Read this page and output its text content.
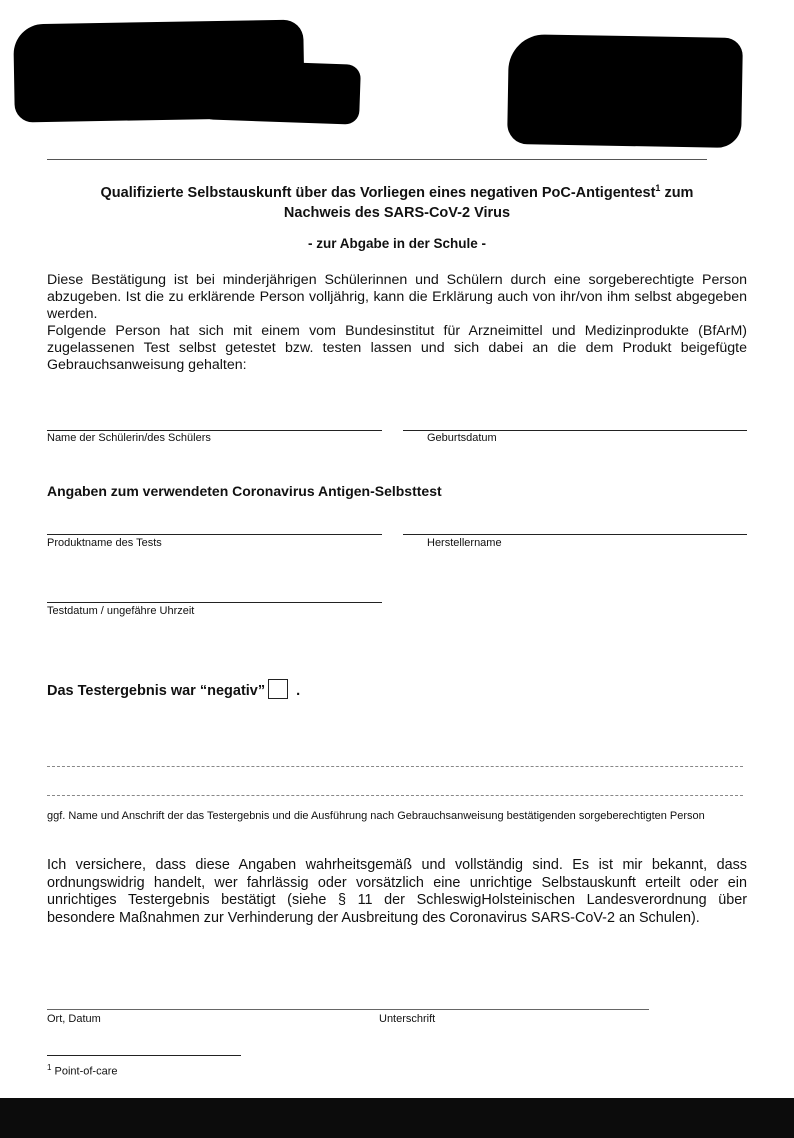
Qualifizierte Selbstauskunft über das Vorliegen eines negativen PoC-Antigentest$^1$ zum
Nachweis des SARS-CoV-2 Virus
- zur Abgabe in der Schule -
Diese Bestätigung ist bei minderjährigen Schülerinnen und Schülern durch eine sorgeberechtigte Person abzugeben. Ist die zu erklärende Person volljährig, kann die Erklärung auch von ihr/von ihm selbst abgegeben werden.
Folgende Person hat sich mit einem vom Bundesinstitut für Arzneimittel und Medizinprodukte (BfArM) zugelassenen Test selbst getestet bzw. testen lassen und sich dabei an die dem Produkt beigefügte Gebrauchsanweisung gehalten:
Name der Schülerin/des Schülers	Geburtsdatum
Angaben zum verwendeten Coronavirus Antigen-Selbsttest
Produktname des Tests	Herstellername
Testdatum / ungefähre Uhrzeit
Das Testergebnis war “negativ” .
ggf. Name und Anschrift der das Testergebnis und die Ausführung nach Gebrauchsanweisung bestätigenden sorgeberechtigten Person
Ich versichere, dass diese Angaben wahrheitsgemäß und vollständig sind. Es ist mir bekannt, dass ordnungswidrig handelt, wer fahrlässig oder vorsätzlich eine unrichtige Selbstauskunft erteilt oder ein unrichtiges Testergebnis bestätigt (siehe § 11 der SchleswigHolsteinischen Landesverordnung über besondere Maßnahmen zur Verhinderung der Ausbreitung des Coronavirus SARS-CoV-2 an Schulen).
Ort, Datum	Unterschrift
$^1$ Point-of-care
